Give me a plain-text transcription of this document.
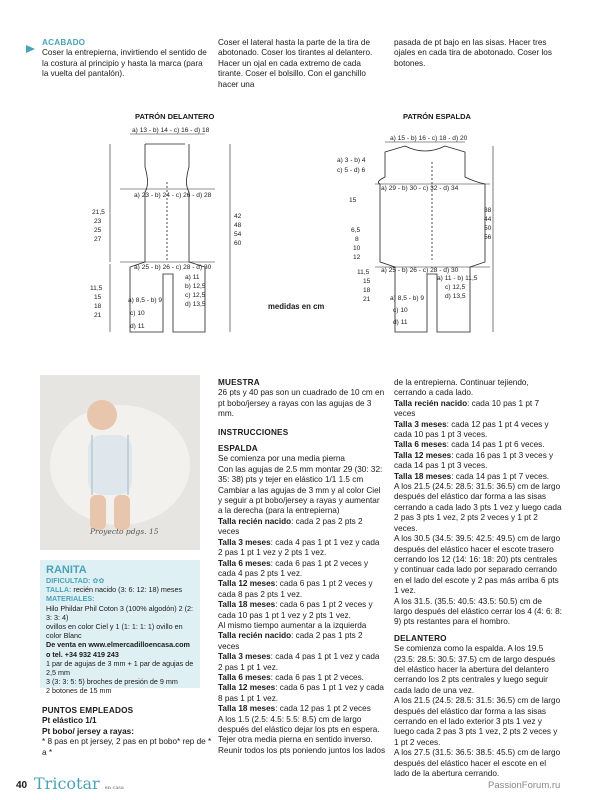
ACABADO
Coser la entrepierna, invirtiendo el sentido de la costura al principio y hasta la marca (para la vuelta del pantalón).
Coser el lateral hasta la parte de la tira de abotonado. Coser los tirantes al delantero. Hacer un ojal en cada extremo de cada tirante. Coser el bolsillo. Con el ganchillo hacer una
pasada de pt bajo en las sisas. Hacer tres ojales en cada tira de abotonado. Coser los botones.
PATRÓN DELANTERO	PATRÓN ESPALDA
a) 13 - b) 14 - c) 16 - d) 18
a) 23 - b) 24 - c) 26 - d) 28
a) 25 - b) 26 - c) 28 - d) 30
a) 11
b) 12,5
c) 12,5
d) 13,5
a) 8,5 - b) 9
c) 10
d) 11
21,5
23
25
27
11,5
15
18
21
42
48
54
60
a) 15 - b) 16 - c) 18 - d) 20
a) 29 - b) 30 - c) 32 - d) 34
a) 25 - b) 26 - c) 28 - d) 30
a) 3 - b) 4
c) 5 - d) 6
a) 11 - b) 11,5
c) 12,5
d) 13,5
a) 8,5 - b) 9
c) 10
d) 11
15
6,5
8
10
12
11,5
15
18
21
38
44
50
56
medidas en cm
Proyecto pdgs. 15
RANITA
DIFICULTAD: ✿✿
TALLA: recién nacido (3: 6: 12: 18) meses
MATERIALES:
Hilo Phildar Phil Coton 3 (100% algodón) 2 (2: 3: 3: 4)
ovillos en color Ciel y 1 (1: 1: 1: 1) ovillo en color Blanc
De venta en www.elmercadilloencasa.com
o tel. +34 932 419 243
1 par de agujas de 3 mm + 1 par de agujas de 2,5 mm
3 (3: 3: 5: 5) broches de presión de 9 mm
2 botones de 15 mm
PUNTOS EMPLEADOS
Pt elástico 1/1
Pt bobo/ jersey a rayas:
* 8 pas en pt jersey, 2 pas en pt bobo* rep de * a *
MUESTRA

26 pts y 40 pas son un cuadrado de 10 cm en pt bobo/jersey a rayas con las agujas de 3 mm.

INSTRUCCIONES
ESPALDA

Se comienza por una media pierna

Con las agujas de 2.5 mm montar 29 (30: 32: 35: 38) pts y tejer en elástico 1/1 1.5 cm

Cambiar a las agujas de 3 mm y al color Ciel y seguir a pt bobo/jersey a rayas y aumentar a la derecha (para la entrepierna)

Talla recién nacido: cada 2 pas 2 pts 2 veces

Talla 3 meses: cada 4 pas 1 pt 1 vez y cada 2 pas 1 pt 1 vez y 2 pts 1 vez.

Talla 6 meses: cada 6 pas 1 pt 2 veces y cada 4 pas 2 pts 1 vez.

Talla 12 meses: cada 6 pas 1 pt 2 veces y cada 8 pas 2 pts 1 vez.

Talla 18 meses: cada 6 pas 1 pt 2 veces y cada 10 pas 1 pt 1 vez y 2 pts 1 vez.

Al mismo tiempo aumentar a la izquierda

Talla recién nacido: cada 2 pas 1 pts 2 veces

Talla 3 meses: cada 4 pas 1 pt 1 vez y cada 2 pas 1 pt 1 vez.

Talla 6 meses: cada 6 pas 1 pt 2 veces.

Talla 12 meses: cada 6 pas 1 pt 1 vez y cada 8 pas 1 pt 1 vez.

Talla 18 meses: cada 12 pas 1 pt 2 veces

A los 1.5 (2.5: 4.5: 5.5: 8.5) cm de largo después del elástico dejar los pts en espera. Tejer otra media pierna en sentido inverso. Reunir todos los pts poniendo juntos los lados

de la entrepierna. Continuar tejiendo, cerrando a cada lado.

Talla recién nacido: cada 10 pas 1 pt 7 veces

Talla 3 meses: cada 12 pas 1 pt 4 veces y cada 10 pas 1 pt 3 veces.

Talla 6 meses: cada 14 pas 1 pt 6 veces.

Talla 12 meses: cada 16 pas 1 pt 3 veces y cada 14 pas 1 pt 3 veces.

Talla 18 meses: cada 14 pas 1 pt 7 veces.

A los 21.5 (24.5: 28.5: 31.5: 36.5) cm de largo después del elástico dar forma a las sisas cerrando a cada lado 3 pts 1 vez y luego cada 2 pas 3 pts 1 vez, 2 pts 2 veces y 1 pt 2 veces.

A los 30.5 (34.5: 39.5: 42.5: 49.5) cm de largo después del elástico hacer el escote trasero cerrando los 12 (14: 16: 18: 20) pts centrales y continuar cada lado por separado cerrando en el lado del escote y 2 pas más arriba 6 pts 1 vez.

A los 31.5. (35.5: 40.5: 43.5: 50.5) cm de largo después del elástico cerrar los 4 (4: 6: 8: 9) pts restantes para el hombro.

DELANTERO

Se comienza como la espalda. A los 19.5 (23.5: 28.5: 30.5: 37.5) cm de largo después del elástico hacer la abertura del delantero cerrando los 2 pts centrales y luego seguir cada lado de una vez.

A los 21.5 (24.5: 28.5: 31.5: 36.5) cm de largo después del elástico dar forma a las sisas cerrando en el lado exterior 3 pts 1 vez y luego cada 2 pas 3 pts 1 vez, 2 pts 2 veces y 1 pt 2 veces.

A los 27.5 (31.5: 36.5: 38.5: 45.5) cm de largo después del elástico hacer el escote en el lado de la abertura cerrando.

40 Tricotar en casa	PassionForum.ru
